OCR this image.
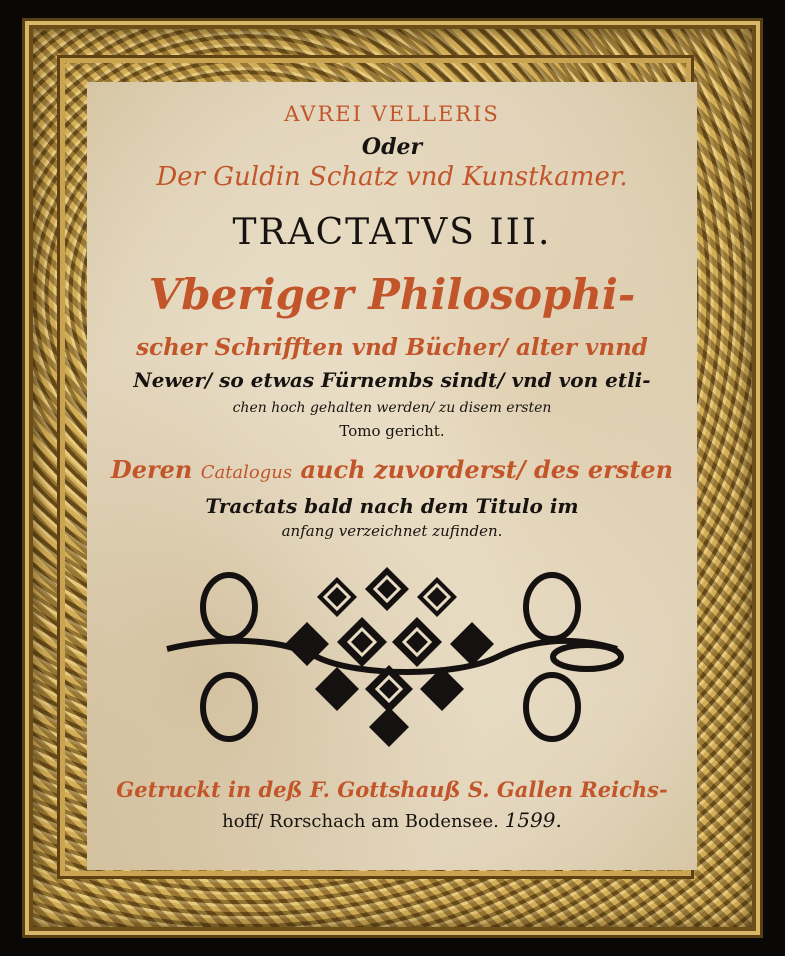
AVREI VELLERIS
Oder
Der Guldin Schatz vnd Kunstkamer.
TRACTATVS III.
Vberiger Philosophi-
scher Schrifften vnd Bücher/ alter vnnd
Newer/ so etwas Fürnembs sindt/ vnd von etli-
chen hoch gehalten werden/ zu disem ersten
Tomo gericht.
Deren Catalogus auch zuvorderst/ des ersten
Tractats bald nach dem Titulo im
anfang verzeichnet zufinden.
Getruckt in deß F. Gottshauß S. Gallen Reichs-
hoff/ Rorschach am Bodensee. 1599.
